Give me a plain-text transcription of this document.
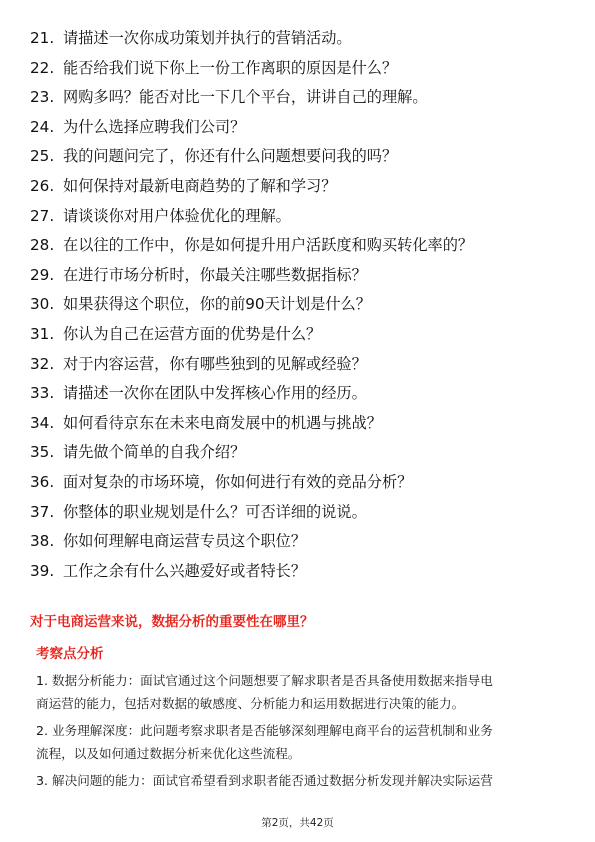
21. 请描述一次你成功策划并执行的营销活动。
22. 能否给我们说下你上一份工作离职的原因是什么？
23. 网购多吗？能否对比一下几个平台，讲讲自己的理解。
24. 为什么选择应聘我们公司？
25. 我的问题问完了，你还有什么问题想要问我的吗？
26. 如何保持对最新电商趋势的了解和学习？
27. 请谈谈你对用户体验优化的理解。
28. 在以往的工作中，你是如何提升用户活跃度和购买转化率的？
29. 在进行市场分析时，你最关注哪些数据指标？
30. 如果获得这个职位，你的前90天计划是什么？
31. 你认为自己在运营方面的优势是什么？
32. 对于内容运营，你有哪些独到的见解或经验？
33. 请描述一次你在团队中发挥核心作用的经历。
34. 如何看待京东在未来电商发展中的机遇与挑战？
35. 请先做个简单的自我介绍？
36. 面对复杂的市场环境，你如何进行有效的竞品分析？
37. 你整体的职业规划是什么？可否详细的说说。
38. 你如何理解电商运营专员这个职位？
39. 工作之余有什么兴趣爱好或者特长？
对于电商运营来说，数据分析的重要性在哪里？
考察点分析
1. 数据分析能力：面试官通过这个问题想要了解求职者是否具备使用数据来指导电
商运营的能力，包括对数据的敏感度、分析能力和运用数据进行决策的能力。
2. 业务理解深度：此问题考察求职者是否能够深刻理解电商平台的运营机制和业务
流程，以及如何通过数据分析来优化这些流程。
3. 解决问题的能力：面试官希望看到求职者能否通过数据分析发现并解决实际运营
第2页，共42页
